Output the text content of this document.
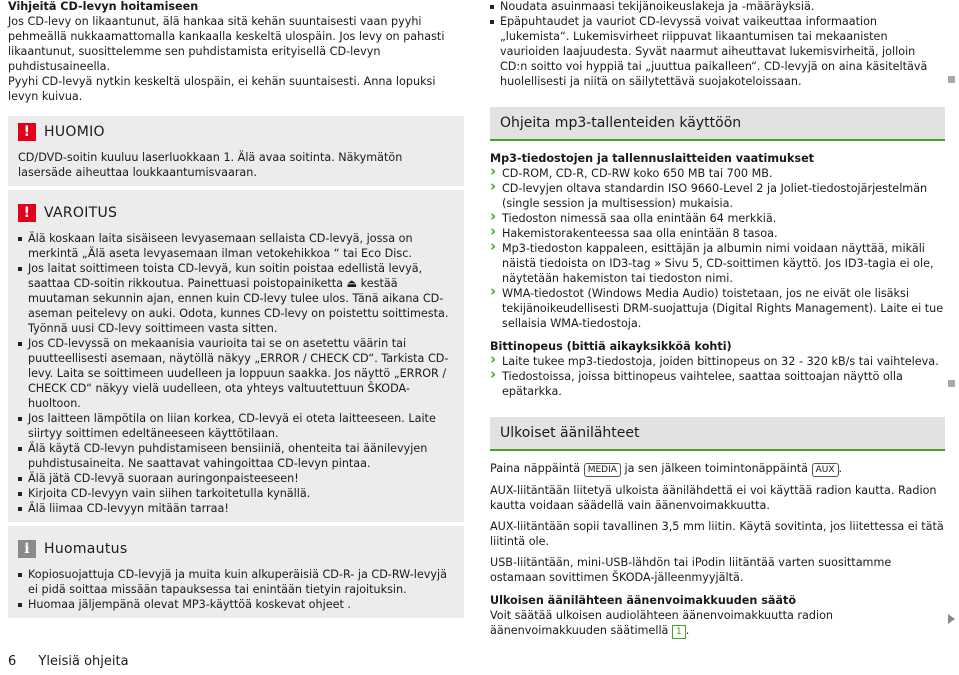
Vihjeitä CD-levyn hoitamiseen

Jos CD-levy on likaantunut, älä hankaa sitä kehän suuntaisesti vaan pyyhi pehmeällä nukkaamattomalla kankaalla keskeltä ulospäin. Jos levy on pahasti likaantunut, suosittelemme sen puhdistamista erityisellä CD-levyn puhdistusaineella.

Pyyhi CD-levyä nytkin keskeltä ulospäin, ei kehän suuntaisesti. Anna lopuksi levyn kuivua.

! HUOMIO

CD/DVD-soitin kuuluu laserluokkaan 1. Älä avaa soitinta. Näkymätön lasersäde aiheuttaa loukkaantumisvaaran.

! VAROITUS

Älä koskaan laita sisäiseen levyasemaan sellaista CD-levyä, jossa on merkintä „Älä aseta levyasemaan ilman vetokehikkoa “ tai Eco Disc.

Jos laitat soittimeen toista CD-levyä, kun soitin poistaa edellistä levyä, saattaa CD-soitin rikkoutua. Painettuasi poistopainiketta ⏏ kestää muutaman sekunnin ajan, ennen kuin CD-levy tulee ulos. Tänä aikana CD-aseman peitelevy on auki. Odota, kunnes CD-levy on poistettu soittimesta. Työnnä uusi CD-levy soittimeen vasta sitten.

Jos CD-levyssä on mekaanisia vaurioita tai se on asetettu väärin tai puutteellisesti asemaan, näytöllä näkyy „ERROR / CHECK CD“. Tarkista CD-levy. Laita se soittimeen uudelleen ja loppuun saakka. Jos näyttö „ERROR / CHECK CD“ näkyy vielä uudelleen, ota yhteys valtuutettuun ŠKODA-huoltoon.

Jos laitteen lämpötila on liian korkea, CD-levyä ei oteta laitteeseen. Laite siirtyy soittimen edeltäneeseen käyttötilaan.

Älä käytä CD-levyn puhdistamiseen bensiiniä, ohenteita tai äänilevyjen puhdistusaineita. Ne saattavat vahingoittaa CD-levyn pintaa.

Älä jätä CD-levyä suoraan auringonpaisteeseen!

Kirjoita CD-levyyn vain siihen tarkoitetulla kynällä.

Älä liimaa CD-levyyn mitään tarraa!

i	Huomautus

Kopiosuojattuja CD-levyjä ja muita kuin alkuperäisiä CD-R- ja CD-RW-levyjä ei pidä soittaa missään tapauksessa tai enintään tietyin rajoituksin.

Huomaa jäljempänä olevat MP3-käyttöä koskevat ohjeet .

Noudata asuinmaasi tekijänoikeuslakeja ja -määräyksiä.

Epäpuhtaudet ja vauriot CD-levyssä voivat vaikeuttaa informaation „lukemista“. Lukemisvirheet riippuvat likaantumisen tai mekaanisten vaurioiden laajuudesta. Syvät naarmut aiheuttavat lukemisvirheitä, jolloin CD:n soitto voi hyppiä tai „juuttua paikalleen“. CD-levyjä on aina käsiteltävä huolellisesti ja niitä on säilytettävä suojakoteloissaan.

Ohjeita mp3-tallenteiden käyttöön

Mp3-tiedostojen ja tallennuslaitteiden vaatimukset

› CD-ROM, CD-R, CD-RW koko 650 MB tai 700 MB.

› CD-levyjen oltava standardin ISO 9660-Level 2 ja Joliet-tiedostojärjestelmän (single session ja multisession) mukaisia.

› Tiedoston nimessä saa olla enintään 64 merkkiä.

› Hakemistorakenteessa saa olla enintään 8 tasoa.

› Mp3-tiedoston kappaleen, esittäjän ja albumin nimi voidaan näyttää, mikäli näistä tiedoista on ID3-tag » Sivu 5, CD-soittimen käyttö. Jos ID3-tagia ei ole, näytetään hakemiston tai tiedoston nimi.

› WMA-tiedostot (Windows Media Audio) toistetaan, jos ne eivät ole lisäksi tekijänoikeudellisesti DRM-suojattuja (Digital Rights Management). Laite ei tue sellaisia WMA-tiedostoja.

Bittinopeus (bittiä aikayksikköä kohti)

› Laite tukee mp3-tiedostoja, joiden bittinopeus on 32 - 320 kB/s tai vaihteleva.

› Tiedostoissa, joissa bittinopeus vaihtelee, saattaa soittoajan näyttö olla epätarkka.

Ulkoiset äänilähteet

Paina näppäintä MEDIA ja sen jälkeen toimintonäppäintä AUX .

AUX-liitäntään liitetyä ulkoista äänilähdettä ei voi käyttää radion kautta. Radion kautta voidaan säädellä vain äänenvoimakkuutta.

AUX-liitäntään sopii tavallinen 3,5 mm liitin. Käytä sovitinta, jos liitettessa ei tätä liitintä ole.

USB-liitäntään, mini-USB-lähdön tai iPodin liitäntää varten suosittamme ostamaan sovittimen ŠKODA-jälleenmyyjältä.

Ulkoisen äänilähteen äänenvoimakkuuden säätö

Voit säätää ulkoisen audiolähteen äänenvoimakkuutta radion äänenvoimakkuuden säätimellä 1 .

6 Yleisiä ohjeita
